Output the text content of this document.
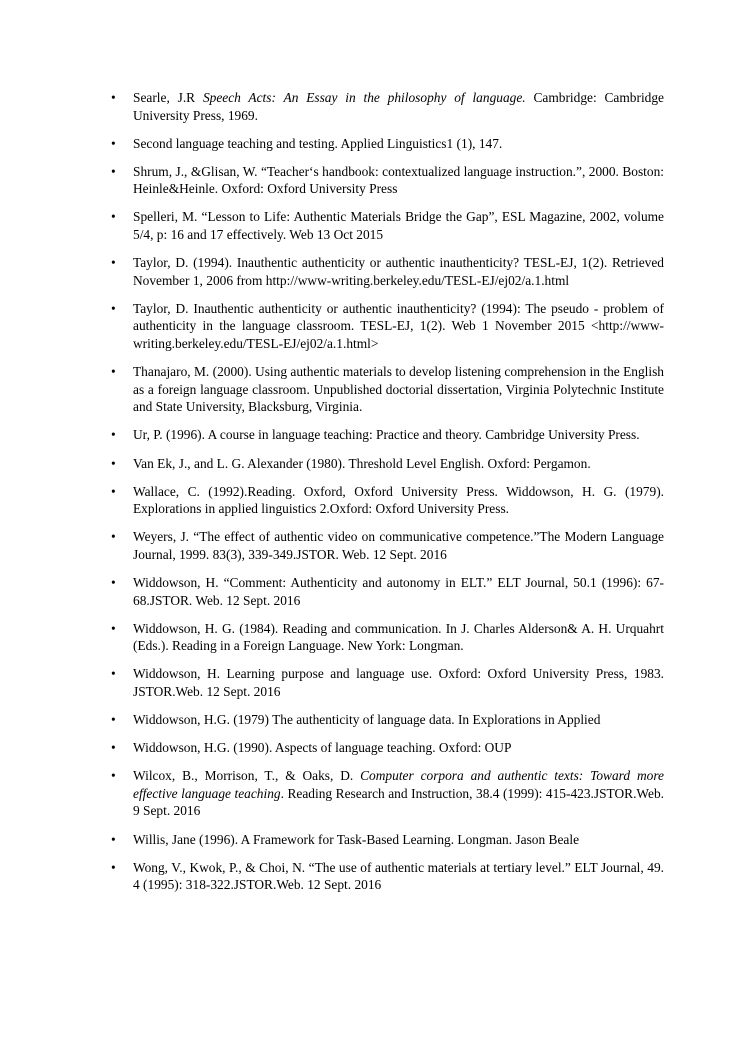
• Searle, J.R Speech Acts: An Essay in the philosophy of language. Cambridge: Cambridge University Press, 1969.
• Second language teaching and testing. Applied Linguistics1 (1), 147.
• Shrum, J., &Glisan, W. “Teacher‘s handbook: contextualized language instruction.”, 2000. Boston: Heinle&Heinle. Oxford: Oxford University Press
• Spelleri, M. “Lesson to Life: Authentic Materials Bridge the Gap”, ESL Magazine, 2002, volume 5/4, p: 16 and 17 effectively. Web 13 Oct 2015
• Taylor, D. (1994). Inauthentic authenticity or authentic inauthenticity? TESL-EJ, 1(2). Retrieved November 1, 2006 from http://www-writing.berkeley.edu/TESL-EJ/ej02/a.1.html
• Taylor, D. Inauthentic authenticity or authentic inauthenticity? (1994): The pseudo - problem of authenticity in the language classroom. TESL-EJ, 1(2). Web 1 November 2015 <http://www-writing.berkeley.edu/TESL-EJ/ej02/a.1.html>
• Thanajaro, M. (2000). Using authentic materials to develop listening comprehension in the English as a foreign language classroom. Unpublished doctorial dissertation, Virginia Polytechnic Institute and State University, Blacksburg, Virginia.
• Ur, P. (1996). A course in language teaching: Practice and theory. Cambridge University Press.
• Van Ek, J., and L. G. Alexander (1980). Threshold Level English. Oxford: Pergamon.
• Wallace, C. (1992).Reading. Oxford, Oxford University Press. Widdowson, H. G. (1979). Explorations in applied linguistics 2.Oxford: Oxford University Press.
• Weyers, J. “The effect of authentic video on communicative competence.”The Modern Language Journal, 1999. 83(3), 339-349.JSTOR. Web. 12 Sept. 2016
• Widdowson, H. “Comment: Authenticity and autonomy in ELT.” ELT Journal, 50.1 (1996): 67-68.JSTOR. Web. 12 Sept. 2016
• Widdowson, H. G. (1984). Reading and communication. In J. Charles Alderson& A. H. Urquahrt (Eds.). Reading in a Foreign Language. New York: Longman.
• Widdowson, H. Learning purpose and language use. Oxford: Oxford University Press, 1983. JSTOR.Web. 12 Sept. 2016
• Widdowson, H.G. (1979) The authenticity of language data. In Explorations in Applied
• Widdowson, H.G. (1990). Aspects of language teaching. Oxford: OUP
• Wilcox, B., Morrison, T., & Oaks, D. Computer corpora and authentic texts: Toward more effective language teaching. Reading Research and Instruction, 38.4 (1999): 415-423.JSTOR.Web. 9 Sept. 2016
• Willis, Jane (1996). A Framework for Task-Based Learning. Longman. Jason Beale
• Wong, V., Kwok, P., & Choi, N. “The use of authentic materials at tertiary level.” ELT Journal, 49. 4 (1995): 318-322.JSTOR.Web. 12 Sept. 2016
